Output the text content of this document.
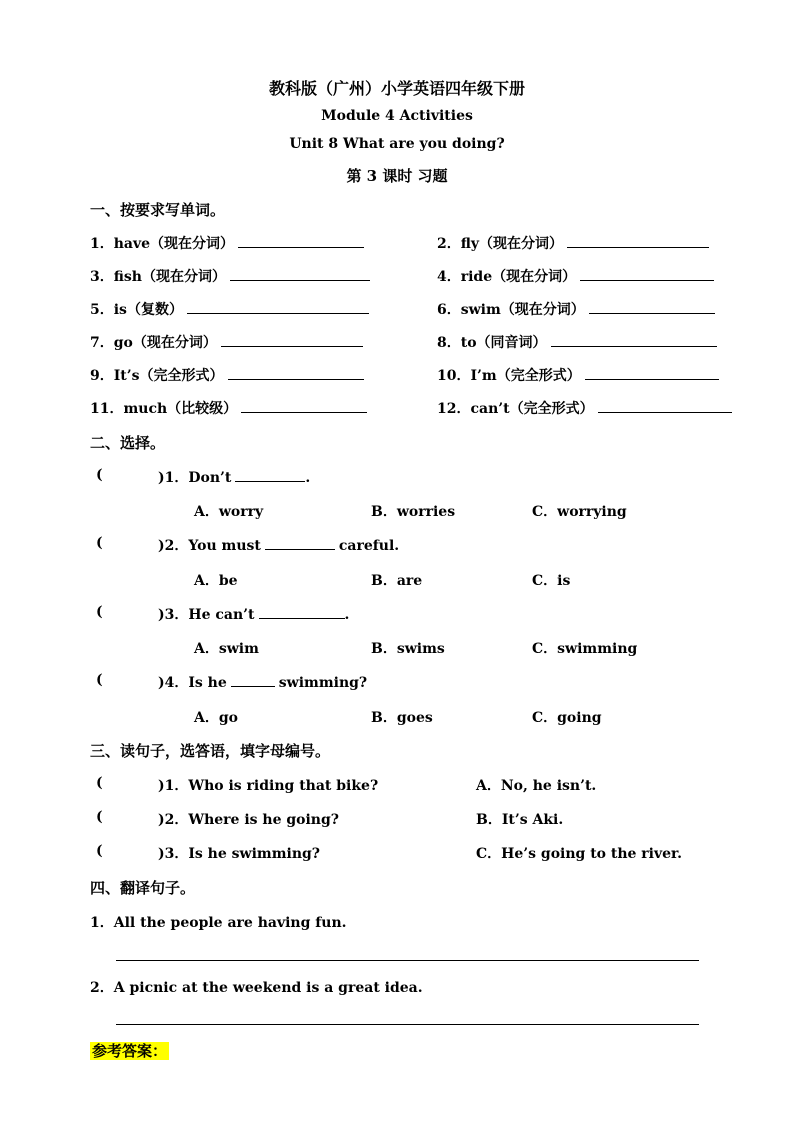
教科版（广州）小学英语四年级下册
Module 4 Activities
Unit 8 What are you doing?
第 3 课时 习题
一、按要求写单词。
1．have（现在分词）	2．fly（现在分词）
3．fish（现在分词）	4．ride（现在分词）
5．is（复数）	6．swim（现在分词）
7．go（现在分词）	8．to（同音词）
9．It’s（完全形式）	10．I’m（完全形式）
11．much（比较级）	12．can’t（完全形式）
二、选择。
(	)1．Don’t	.
A．worry	B．worries	C．worrying
(	)2．You must	careful.
A．be	B．are	C．is
(	)3．He can’t	.
A．swim	B．swims	C．swimming
(	)4．Is he	swimming?
A．go	B．goes	C．going
三、读句子，选答语，填字母编号。
(	)1．Who is riding that bike?	A．No, he isn’t.
(	)2．Where is he going?	B．It’s Aki.
(	)3．Is he swimming?	C．He’s going to the river.
四、翻译句子。
1．All the people are having fun.
2．A picnic at the weekend is a great idea.
参考答案：
